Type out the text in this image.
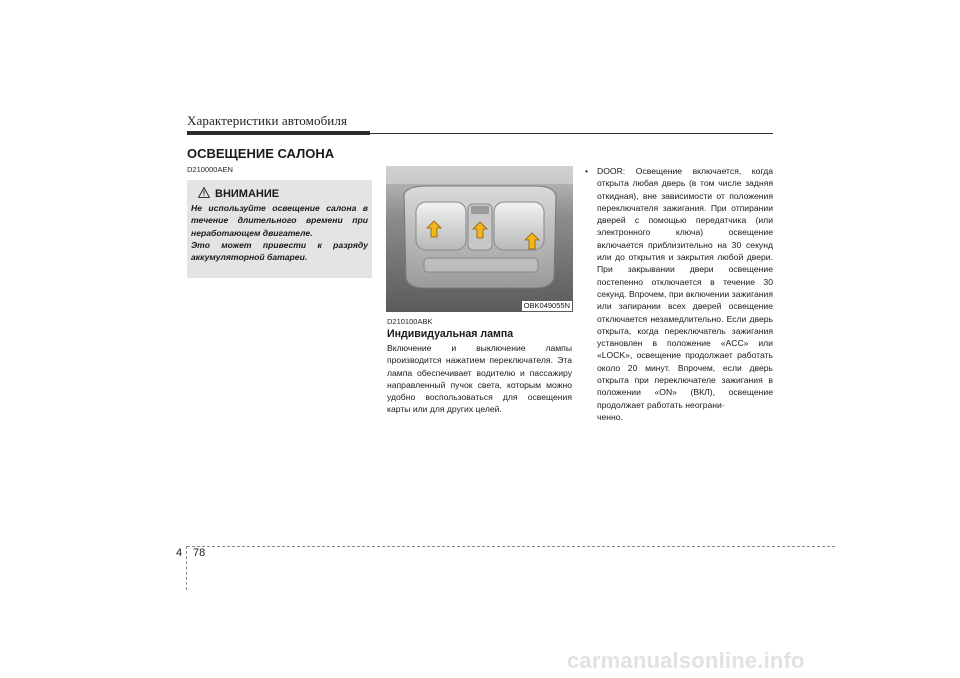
Характеристики автомобиля
ОСВЕЩЕНИЕ САЛОНА
D210000AEN
ВНИМАНИЕ

Не используйте освещение салона в течение длительного времени при неработающем двигателе.

Это может привести к разряду аккумуляторной батареи.

OBK049055N
D210100ABK
Индивидуальная лампа
Включение и выключение лампы производится нажатием переключателя. Эта лампа обеспечивает водителю и пассажиру направленный пучок света, которым можно удобно воспользоваться для освещения карты или для других целей.
•	DOOR: Освещение включается, когда открыта любая дверь (в том числе задняя откидная), вне зависимости от положения переключателя зажигания. При отпирании дверей с помощью передатчика (или электронного ключа) освещение включается приблизительно на 30 секунд или до открытия и закрытия любой двери. При закрывании двери освещение постепенно отключается в течение 30 секунд. Впрочем, при включении зажигания или запирании всех дверей освещение отключается незамедлительно. Если дверь открыта, когда переключатель зажигания установлен в положение «ACC» или «LOCK», освещение продолжает работать около 20 минут. Впрочем, если дверь открыта при переключателе зажигания в положении «ON» (ВКЛ), освещение продолжает работать неограни-
ченно.
4 78
carmanualsonline.info
